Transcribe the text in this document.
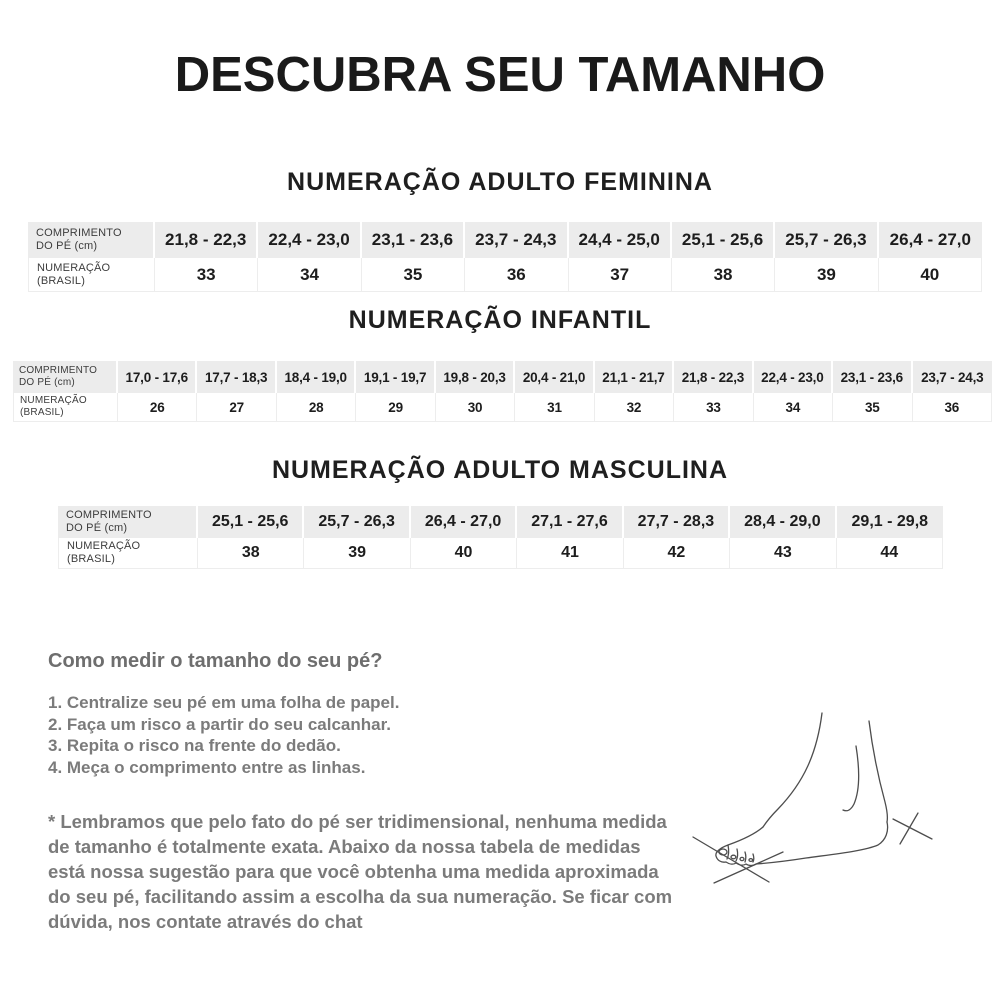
DESCUBRA SEU TAMANHO
NUMERAÇÃO ADULTO FEMININA
COMPRIMENTO
DO PÉ (cm)	21,8 - 22,3 22,4 - 23,0 23,1 - 23,6 23,7 - 24,3 24,4 - 25,0 25,1 - 25,6 25,7 - 26,3 26,4 - 27,0
NUMERAÇÃO
(BRASIL)	33	34	35	36	37	38	39	40
NUMERAÇÃO INFANTIL
COMPRIMENTO
DO PÉ (cm)	17,0 - 17,6 17,7 - 18,3 18,4 - 19,0 19,1 - 19,7 19,8 - 20,3 20,4 - 21,0 21,1 - 21,7 21,8 - 22,3 22,4 - 23,0 23,1 - 23,6 23,7 - 24,3
NUMERAÇÃO
(BRASIL)	26	27	28	29	30	31	32	33	34	35	36
NUMERAÇÃO ADULTO MASCULINA
COMPRIMENTO
DO PÉ (cm)	25,1 - 25,6 25,7 - 26,3 26,4 - 27,0 27,1 - 27,6 27,7 - 28,3 28,4 - 29,0 29,1 - 29,8
NUMERAÇÃO
(BRASIL)	38	39	40	41	42	43	44

Como medir o tamanho do seu pé?

1. Centralize seu pé em uma folha de papel.
2. Faça um risco a partir do seu calcanhar.
3. Repita o risco na frente do dedão.
4. Meça o comprimento entre as linhas.
* Lembramos que pelo fato do pé ser tridimensional, nenhuma medida de tamanho é totalmente exata. Abaixo da nossa tabela de medidas está nossa sugestão para que você obtenha uma medida aproximada do seu pé, facilitando assim a escolha da sua numeração. Se ficar com dúvida, nos contate através do chat
